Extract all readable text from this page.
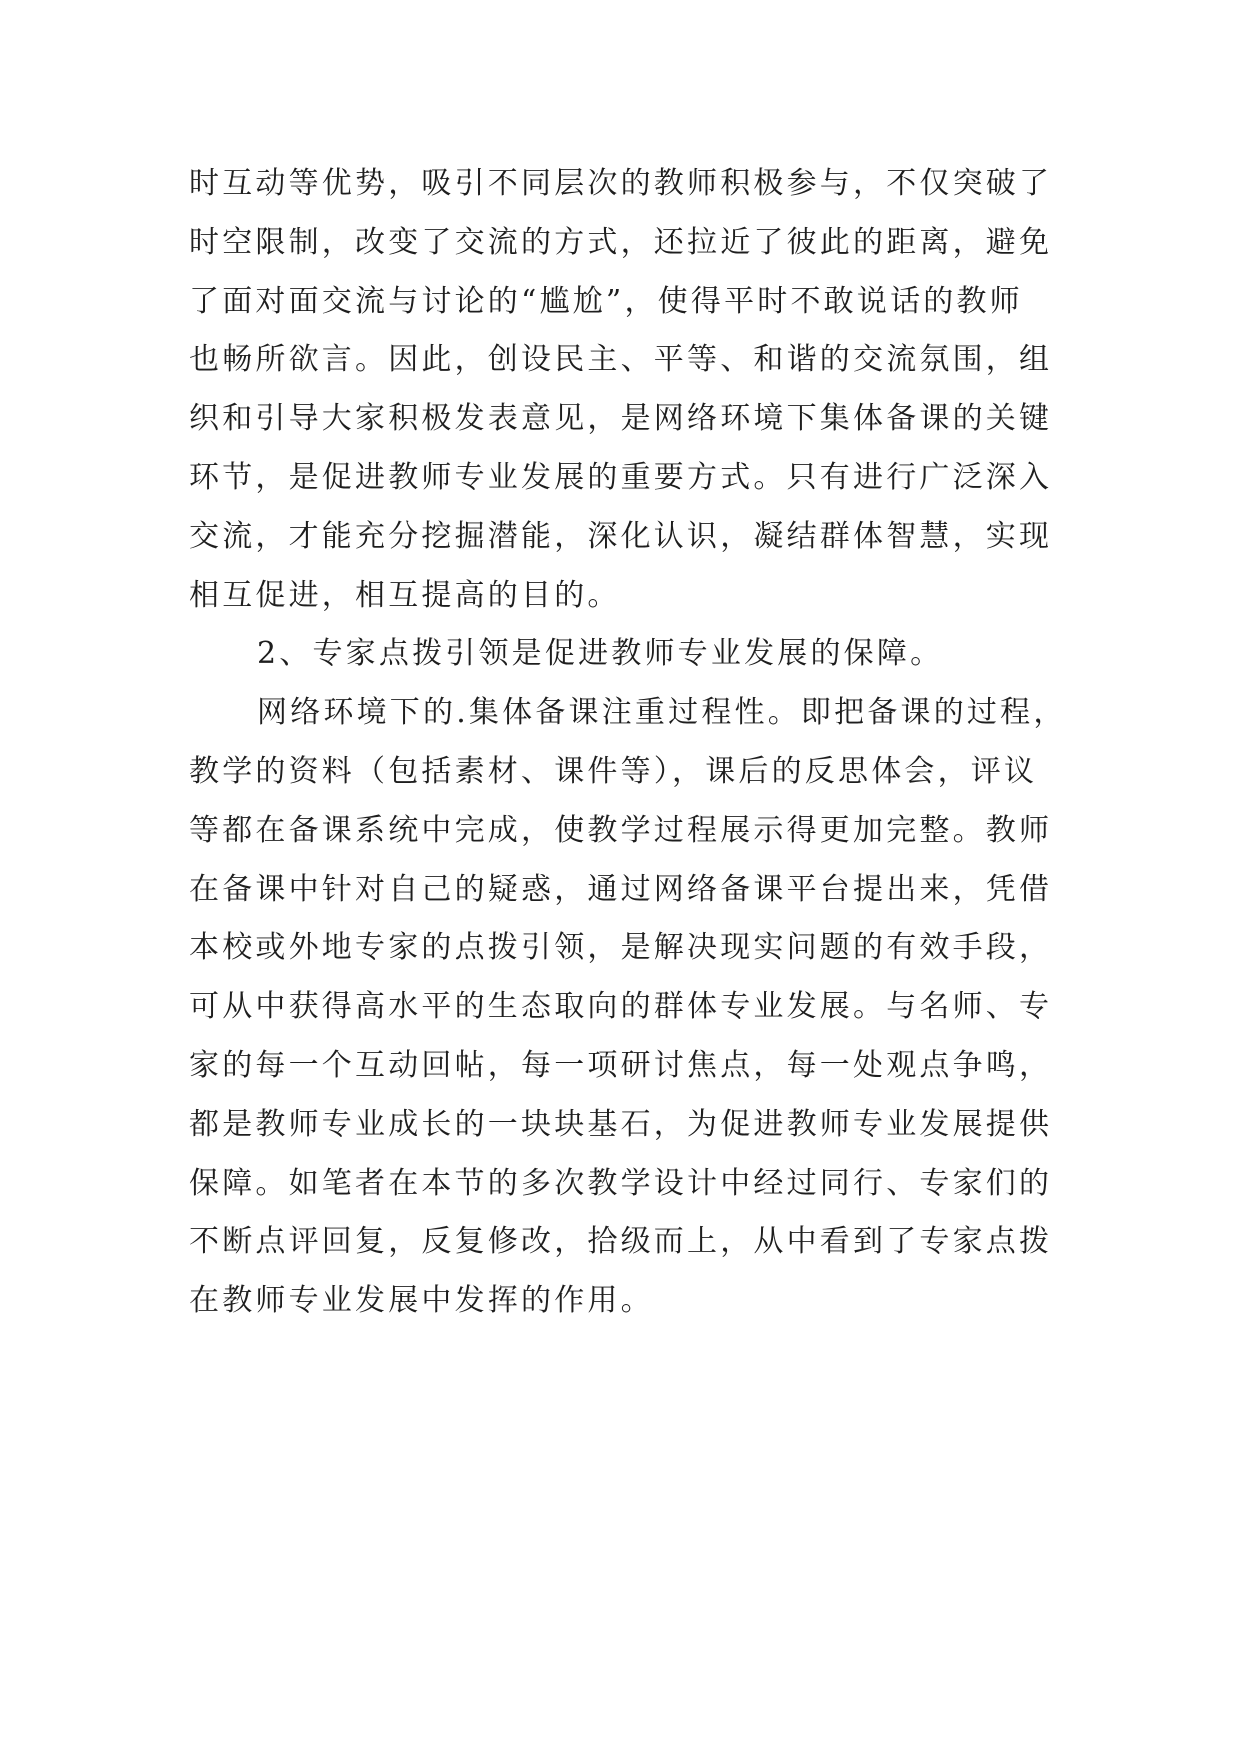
时互动等优势，吸引不同层次的教师积极参与，不仅突破了

时空限制，改变了交流的方式，还拉近了彼此的距离，避免

了面对面交流与讨论的“尴尬”，使得平时不敢说话的教师

也畅所欲言。因此，创设民主、平等、和谐的交流氛围，组

织和引导大家积极发表意见，是网络环境下集体备课的关键

环节，是促进教师专业发展的重要方式。只有进行广泛深入

交流，才能充分挖掘潜能，深化认识，凝结群体智慧，实现

相互促进，相互提高的目的。

2、专家点拨引领是促进教师专业发展的保障。

网络环境下的.集体备课注重过程性。即把备课的过程，

教学的资料（包括素材、课件等），课后的反思体会，评议

等都在备课系统中完成，使教学过程展示得更加完整。教师

在备课中针对自己的疑惑，通过网络备课平台提出来，凭借

本校或外地专家的点拨引领，是解决现实问题的有效手段，

可从中获得高水平的生态取向的群体专业发展。与名师、专

家的每一个互动回帖，每一项研讨焦点，每一处观点争鸣，

都是教师专业成长的一块块基石，为促进教师专业发展提供

保障。如笔者在本节的多次教学设计中经过同行、专家们的

不断点评回复，反复修改，拾级而上，从中看到了专家点拨

在教师专业发展中发挥的作用。
